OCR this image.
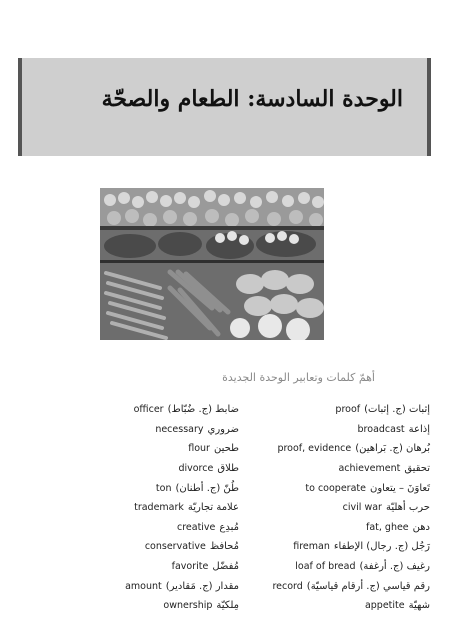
الوحدة السادسة: الطعام والصحّة
أهمّ كلمات وتعابير الوحدة الجديدة
proof إثبات (ج. إثبات)
broadcast إذاعة
proof, evidence بُرهان (ج. بَراهين)
achievement تحقيق
to cooperate تَعاوَنَ – يتعاون
civil war حرب أهليّة
fat, ghee دهن
fireman رَجُل (ج. رجال) الإطفاء
loaf of bread رغيف (ج. أرغفة)
record رقم قياسي (ج. أرقام قياسيّة)
appetite شهيّة
officer ضابط (ج. ضُبّاط)
necessary ضروري
flour طحين
divorce طلاق
ton طُنّ (ج. أطنان)
trademark علامة تجاريّة
creative مُبدِع
conservative مُحافظ
favorite مُفضّل
amount مقدار (ج. مَقادير)
ownership مِلكيّة
